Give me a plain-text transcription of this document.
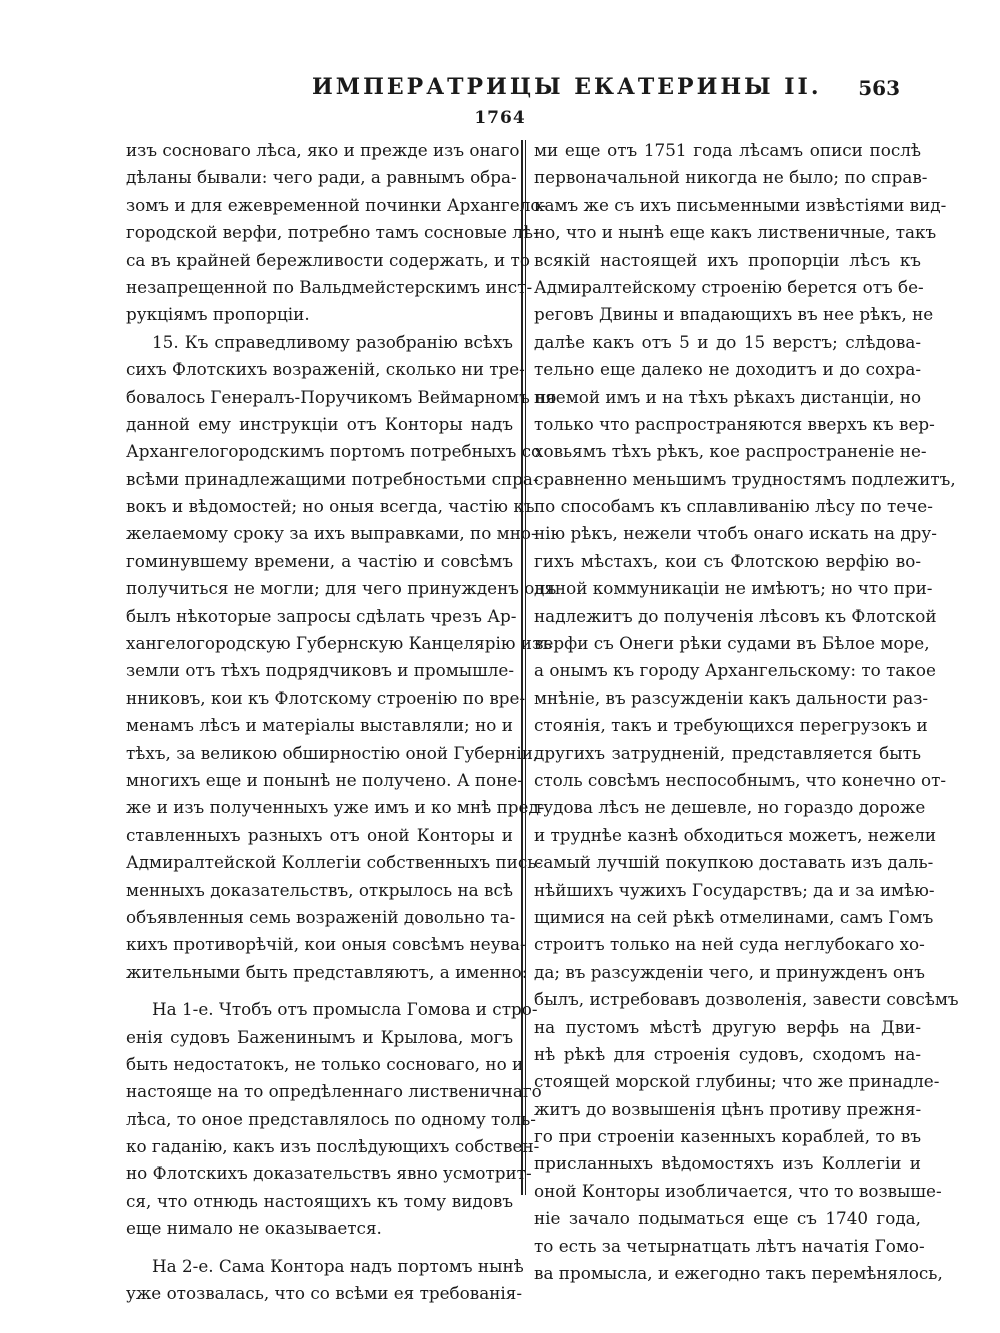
ИМПЕРАТРИЦЫ ЕКАТЕРИНЫ II. 563
1764
изъ сосноваго лѣса, яко и прежде изъ онаго
дѣланы бывали: чего ради, а равнымъ обра-
зомъ и для ежевременной починки Архангело-
городской верфи, потребно тамъ сосновые лѣ-
са въ крайней бережливости содержать, и то
незапрещенной по Вальдмейстерскимъ инст-
рукціямъ пропорціи.
15. Къ справедливому разобранію всѣхъ
сихъ Флотскихъ возраженій, сколько ни тре-
бовалось Генералъ-Поручикомъ Веймарномъ по
данной ему инструкціи отъ Конторы надъ
Архангелогородскимъ портомъ потребныхъ со
всѣми принадлежащими потребностьми спра-
вокъ и вѣдомостей; но оныя всегда, частію къ
желаемому сроку за ихъ выправками, по мно-
гоминувшему времени, а частію и совсѣмъ
получиться не могли; для чего принужденъ онъ
былъ нѣкоторые запросы сдѣлать чрезъ Ар-
хангелогородскую Губернскую Канцелярію изъ
земли отъ тѣхъ подрядчиковъ и промышле-
нниковъ, кои къ Флотскому строенію по вре-
менамъ лѣсъ и матеріалы выставляли; но и
тѣхъ, за великою обширностію оной Губерніи,
многихъ еще и понынѣ не получено. А поне-
же и изъ полученныхъ уже имъ и ко мнѣ пред-
ставленныхъ разныхъ отъ оной Конторы и
Адмиралтейской Коллегіи собственныхъ пись-
менныхъ доказательствъ, открылось на всѣ
объявленныя семь возраженій довольно та-
кихъ противорѣчій, кои оныя совсѣмъ неува-
жительными быть представляютъ, а именно:
На 1-е. Чтобъ отъ промысла Гомова и стро-
енія судовъ Баженинымъ и Крылова, могъ
быть недостатокъ, не только сосноваго, но и
настояще на то опредѣленнаго лиственичнаго
лѣса, то оное представлялось по одному толь-
ко гаданію, какъ изъ послѣдующихъ собствен-
но Флотскихъ доказательствъ явно усмотрит-
ся, что отнюдь настоящихъ къ тому видовъ
еще нимало не оказывается.
На 2-е. Сама Контора надъ портомъ нынѣ
уже отозвалась, что со всѣми ея требованія-
ми еще отъ 1751 года лѣсамъ описи послѣ
первоначальной никогда не было; по справ-
камъ же съ ихъ письменными извѣстіями вид-
но, что и нынѣ еще какъ лиственичные, такъ
всякій настоящей ихъ пропорціи лѣсъ къ
Адмиралтейскому строенію берется отъ бе-
реговъ Двины и впадающихъ въ нее рѣкъ, не
далѣе какъ отъ 5 и до 15 верстъ; слѣдова-
тельно еще далеко не доходитъ и до сохра-
няемой имъ и на тѣхъ рѣкахъ дистанціи, но
только что распространяются вверхъ къ вер-
ховьямъ тѣхъ рѣкъ, кое распространеніе не-
сравненно меньшимъ трудностямъ подлежитъ,
по способамъ къ сплавливанію лѣсу по тече-
нію рѣкъ, нежели чтобъ онаго искать на дру-
гихъ мѣстахъ, кои съ Флотскою верфію во-
дяной коммуникаціи не имѣютъ; но что при-
надлежитъ до полученія лѣсовъ къ Флотской
верфи съ Онеги рѣки судами въ Бѣлое море,
а онымъ къ городу Архангельскому: то такое
мнѣніе, въ разсужденіи какъ дальности раз-
стоянія, такъ и требующихся перегрузокъ и
другихъ затрудненій, представляется быть
столь совсѣмъ неспособнымъ, что конечно от-
тудова лѣсъ не дешевле, но гораздо дороже
и труднѣе казнѣ обходиться можетъ, нежели
самый лучшій покупкою доставать изъ даль-
нѣйшихъ чужихъ Государствъ; да и за имѣю-
щимися на сей рѣкѣ отмелинами, самъ Гомъ
строитъ только на ней суда неглубокаго хо-
да; въ разсужденіи чего, и принужденъ онъ
былъ, истребовавъ дозволенія, завести совсѣмъ
на пустомъ мѣстѣ другую верфь на Дви-
нѣ рѣкѣ для строенія судовъ, сходомъ на-
стоящей морской глубины; что же принадле-
житъ до возвышенія цѣнъ противу прежня-
го при строеніи казенныхъ кораблей, то въ
присланныхъ вѣдомостяхъ изъ Коллегіи и
оной Конторы изобличается, что то возвыше-
ніе зачало подыматься еще съ 1740 года,
то есть за четырнатцать лѣтъ начатія Гомо-
ва промысла, и ежегодно такъ перемѣнялось,
